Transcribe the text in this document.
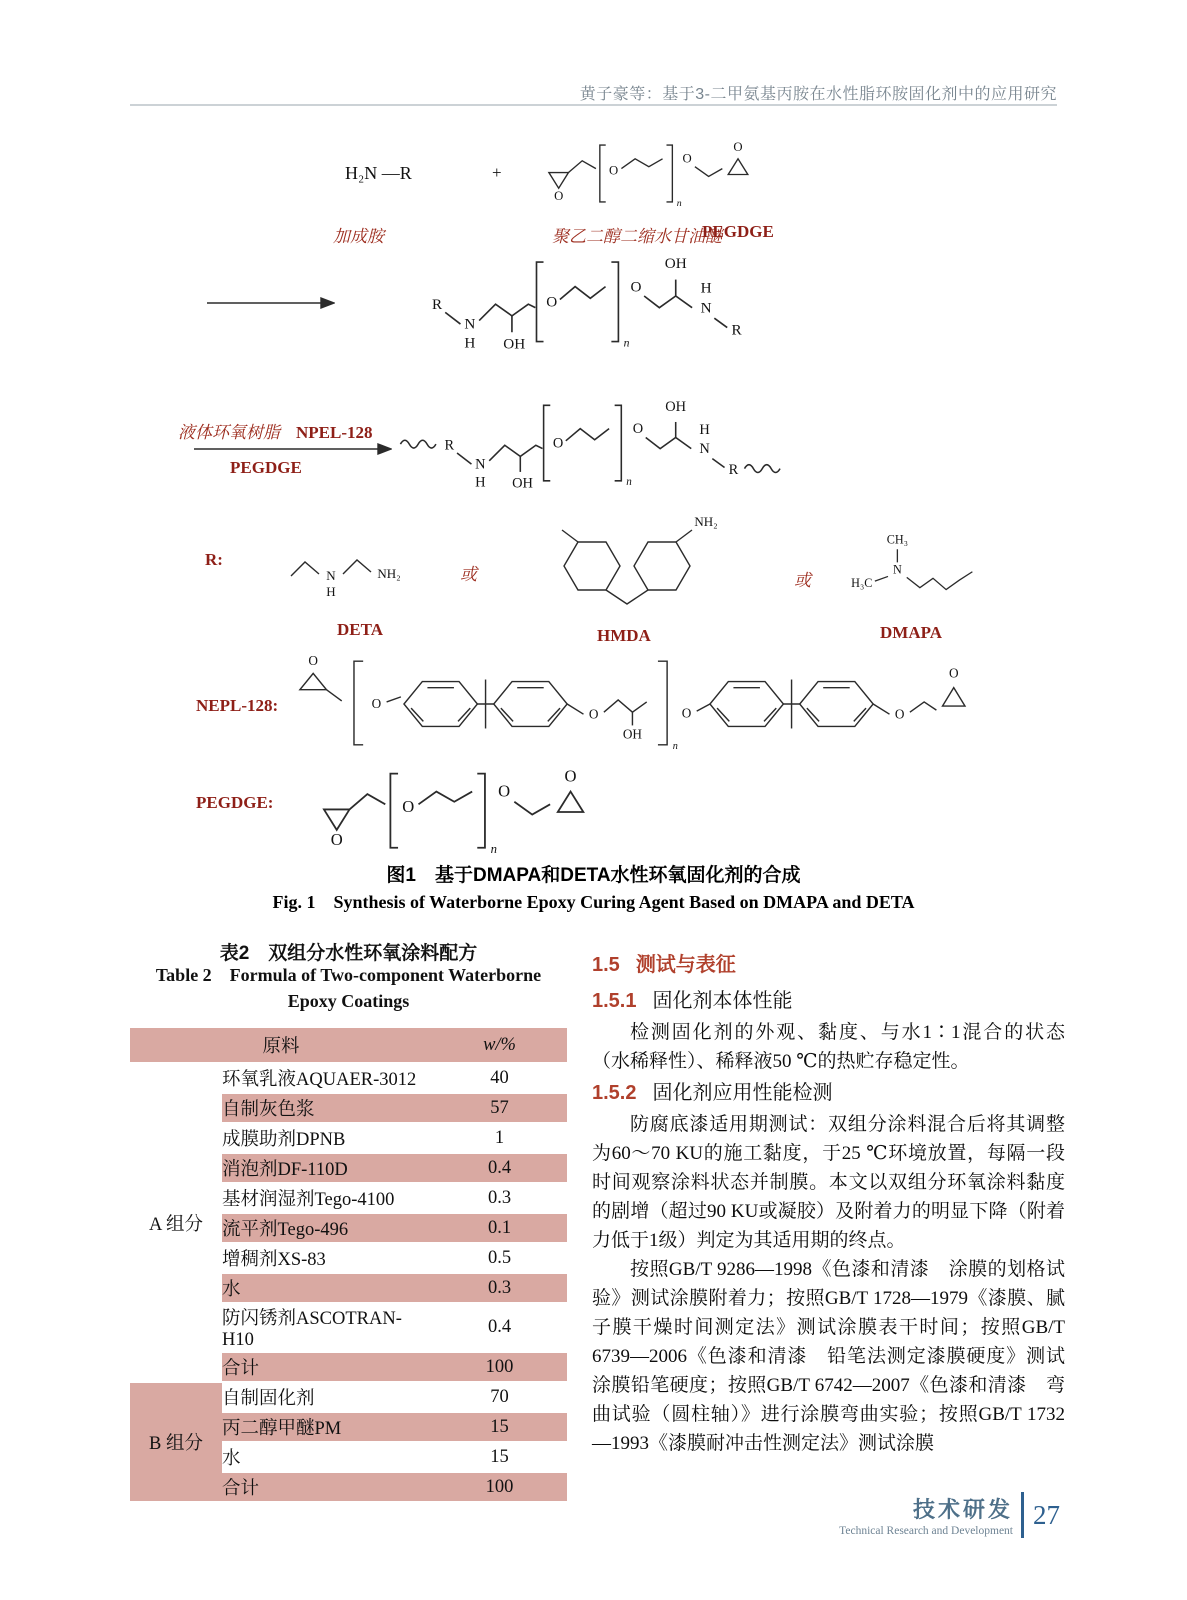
黄子豪等：基于3-二甲氨基丙胺在水性脂环胺固化剂中的应用研究
H₂N —R	+
O
O
n
O
O
加成胺	聚乙二醇二缩水甘油醚
PEGDGE
R
N
H OH
O
n
O
OH
H
N
R
液体环氧树脂 NPEL-128
PEGDGE
R:
N
H
NH₂	或
NH₂
或
CH₃
N
H₃C
DETA	HMDA	DMAPA
NEPL-128:
O
O
O
OH
n
O	O
O
PEGDGE:
图1　基于DMAPA和DETA水性环氧固化剂的合成
Fig. 1　Synthesis of Waterborne Epoxy Curing Agent Based on DMAPA and DETA
表2　双组分水性环氧涂料配方
Table 2　Formula of Two-component Waterborne Epoxy Coatings
原料		w/%
A 组分	环氧乳液AQUAER-3012	40
	自制灰色浆	57
	成膜助剂DPNB	1
	消泡剂DF-110D	0.4
	基材润湿剂Tego-4100	0.3
	流平剂Tego-496	0.1
	增稠剂XS-83	0.5
	水	0.3
	防闪锈剂ASCOTRAN-H10	0.4
	合计	100
B 组分	自制固化剂	70
	丙二醇甲醚PM	15
	水	15
	合计	100
1.5 测试与表征
1.5.1 固化剂本体性能

检测固化剂的外观、黏度、与水1∶1混合的状态（水稀释性）、稀释液50 ℃的热贮存稳定性。

1.5.2 固化剂应用性能检测

防腐底漆适用期测试：双组分涂料混合后将其调整为60～70 KU的施工黏度，于25 ℃环境放置，每隔一段时间观察涂料状态并制膜。本文以双组分环氧涂料黏度的剧增（超过90 KU或凝胶）及附着力的明显下降（附着力低于1级）判定为其适用期的终点。

按照GB/T 9286—1998《色漆和清漆　涂膜的划格试验》测试涂膜附着力；按照GB/T 1728—1979《漆膜、腻子膜干燥时间测定法》测试涂膜表干时间；按照GB/T 6739—2006《色漆和清漆　铅笔法测定漆膜硬度》测试涂膜铅笔硬度；按照GB/T 6742—2007《色漆和清漆　弯曲试验（圆柱轴）》进行涂膜弯曲实验；按照GB/T 1732—1993《漆膜耐冲击性测定法》测试涂膜

技术研发
Technical Research and Development
27
